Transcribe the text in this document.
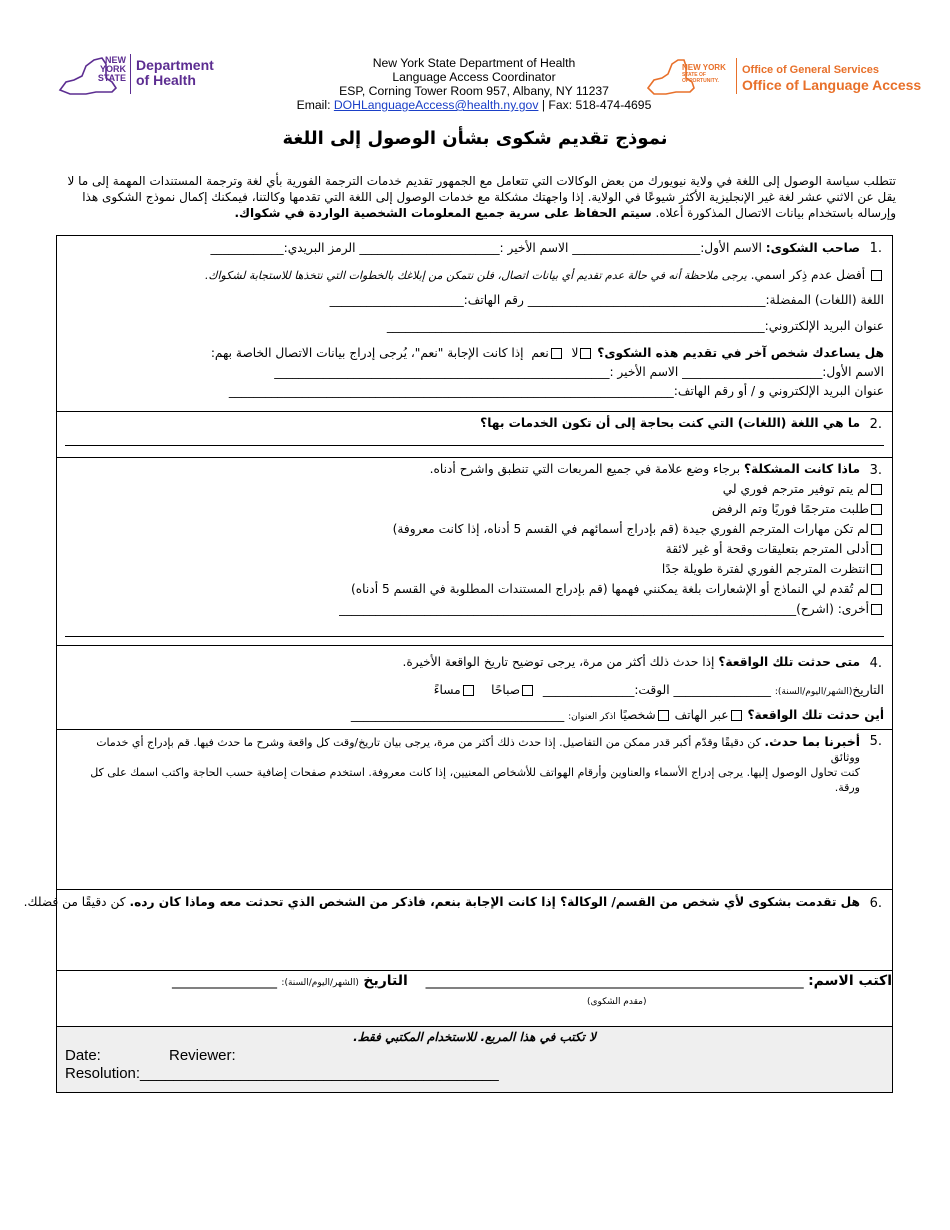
NEW
YORK
STATE
Department
of Health
New York State Department of Health
Language Access Coordinator
ESP, Corning Tower Room 957, Albany, NY 11237
Email: DOHLanguageAccess@health.ny.gov | Fax: 518-474-4695
NEW YORK
STATE OF
OPPORTUNITY.
Office of General Services
Office of Language Access
نموذج تقديم شكوى بشأن الوصول إلى اللغة
تتطلب سياسة الوصول إلى اللغة في ولاية نيويورك من بعض الوكالات التي تتعامل مع الجمهور تقديم خدمات الترجمة الفورية بأي لغة وترجمة المستندات المهمة إلى ما لا
يقل عن الاثني عشر لغة غير الإنجليزية الأكثر شيوعًا في الولاية. إذا واجهتك مشكلة مع خدمات الوصول إلى اللغة التي تقدمها وكالتنا، فيمكنك إكمال نموذج الشكوى هذا
وإرساله باستخدام بيانات الاتصال المذكورة أعلاه. سيتم الحفاظ على سرية جميع المعلومات الشخصية الواردة في شكواك.
1.
صاحب الشكوى: الاسم الأول:_____________________ الاسم الأخير :_______________________ الرمز البريدي:____________
أفضل عدم ذِكر اسمي. يرجى ملاحظة أنه في حالة عدم تقديم أي بيانات اتصال، فلن نتمكن من إبلاغك بالخطوات التي نتخذها للاستجابة لشكواك.
اللغة (اللغات) المفضلة:_______________________________________ رقم الهاتف:______________________
عنوان البريد الإلكتروني:______________________________________________________________
هل يساعدك شخص آخر في تقديم هذه الشكوى؟ لا  نعم  إذا كانت الإجابة "نعم"، يُرجى إدراج بيانات الاتصال الخاصة بهم:
الاسم الأول:_______________________ الاسم الأخير :_______________________________________________________
عنوان البريد الإلكتروني و / أو رقم الهاتف:_________________________________________________________________________
2.
ما هي اللغة (اللغات) التي كنت بحاجة إلى أن تكون الخدمات بها؟
3.
ماذا كانت المشكلة؟ برجاء وضع علامة في جميع المربعات التي تنطبق واشرح أدناه.
لم يتم توفير مترجم فوري لي
طلبت مترجمًا فوريًا وتم الرفض
لم تكن مهارات المترجم الفوري جيدة (قم بإدراج أسمائهم في القسم 5 أدناه، إذا كانت معروفة)
أدلى المترجم بتعليقات وقحة أو غير لائقة
انتظرت المترجم الفوري لفترة طويلة جدًا
لم تُقدم لي النماذج أو الإشعارات بلغة يمكنني فهمها (قم بإدراج المستندات المطلوبة في القسم 5 أدناه)
أخرى: (اشرح)___________________________________________________________________________
4.
متى حدثت تلك الواقعة؟ إذا حدث ذلك أكثر من مرة، يرجى توضيح تاريخ الواقعة الأخيرة.
التاريخ(الشهر/اليوم/السنة): ________________ الوقت:_______________  صباحًا    مساءً
أين حدثت تلك الواقعة؟ عبر الهاتف شخصيًا اذكر العنوان: ___________________________________
5.
أخبرنا بما حدث. كن دقيقًا وقدّم أكبر قدر ممكن من التفاصيل. إذا حدث ذلك أكثر من مرة، يرجى بيان تاريخ/وقت كل واقعة وشرح ما حدث فيها. قم بإدراج أي خدمات ووثائق
كنت تحاول الوصول إليها. يرجى إدراج الأسماء والعناوين وأرقام الهواتف للأشخاص المعنيين، إذا كانت معروفة. استخدم صفحات إضافية حسب الحاجة واكتب اسمك على كل
ورقة.
6.
هل تقدمت بشكوى لأي شخص من القسم/ الوكالة؟ إذا كانت الإجابة بنعم، فاذكر من الشخص الذي تحدثت معه وماذا كان رده. كن دقيقًا من فضلك.
اكتب الاسم: ______________________________________________________    التاريخ (الشهر/اليوم/السنة): _______________
(مقدم الشكوى)
لا تكتب في هذا المربع. للاستخدام المكتبي فقط.
Date:	Reviewer:
Resolution:___________________________________________
